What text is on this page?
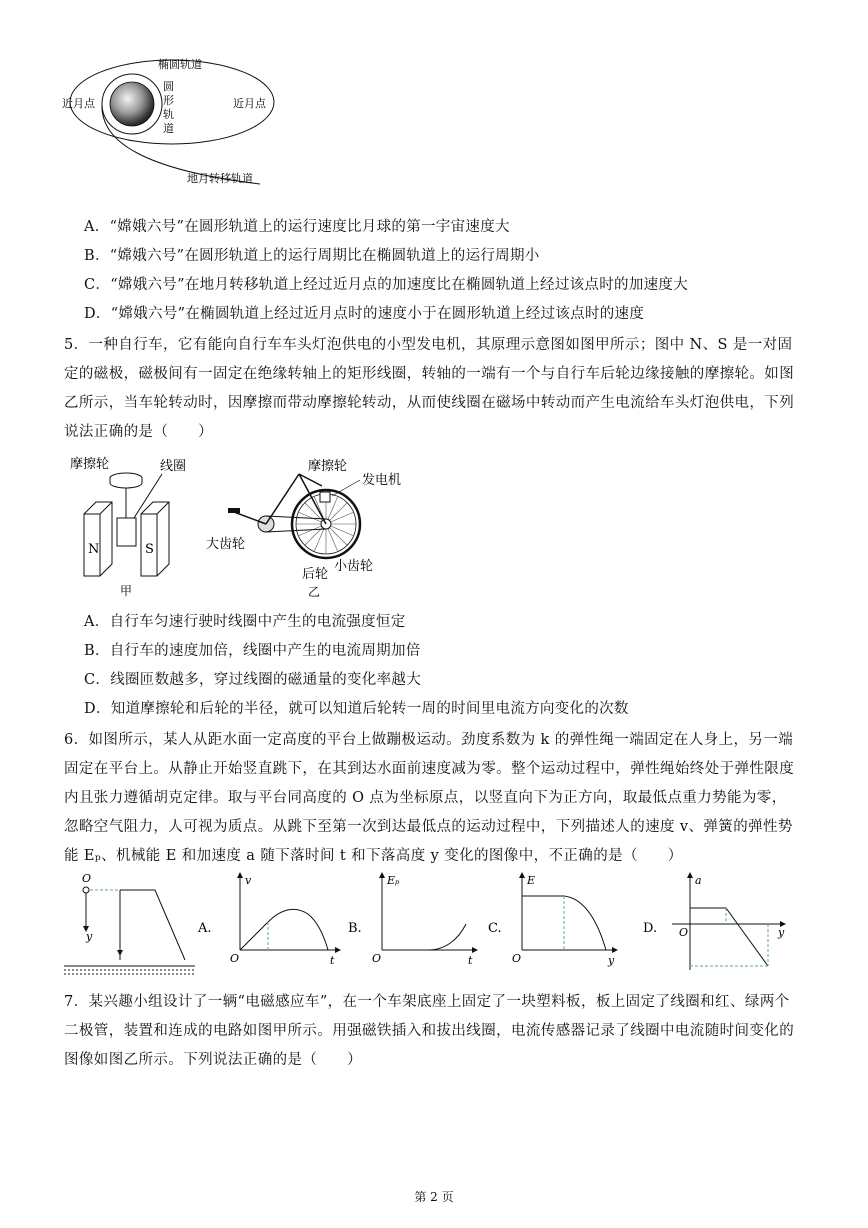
椭圆轨道
圆
形
轨
道
近月点	近月点
地月转移轨道
A．“嫦娥六号”在圆形轨道上的运行速度比月球的第一宇宙速度大
B．“嫦娥六号”在圆形轨道上的运行周期比在椭圆轨道上的运行周期小
C．“嫦娥六号”在地月转移轨道上经过近月点的加速度比在椭圆轨道上经过该点时的加速度大
D．“嫦娥六号”在椭圆轨道上经过近月点时的速度小于在圆形轨道上经过该点时的速度
5．一种自行车，它有能向自行车车头灯泡供电的小型发电机，其原理示意图如图甲所示；图中 N、S 是一对固
定的磁极，磁极间有一固定在绝缘转轴上的矩形线圈，转轴的一端有一个与自行车后轮边缘接触的摩擦轮。如图
乙所示，当车轮转动时，因摩擦而带动摩擦轮转动，从而使线圈在磁场中转动而产生电流给车头灯泡供电，下列
说法正确的是（　　）
摩擦轮	线圈
N	S
甲
摩擦轮
发电机
大齿轮
后轮
小齿轮
乙
A．自行车匀速行驶时线圈中产生的电流强度恒定
B．自行车的速度加倍，线圈中产生的电流周期加倍
C．线圈匝数越多，穿过线圈的磁通量的变化率越大
D．知道摩擦轮和后轮的半径，就可以知道后轮转一周的时间里电流方向变化的次数
6．如图所示，某人从距水面一定高度的平台上做蹦极运动。劲度系数为 k 的弹性绳一端固定在人身上，另一端
固定在平台上。从静止开始竖直跳下，在其到达水面前速度减为零。整个运动过程中，弹性绳始终处于弹性限度
内且张力遵循胡克定律。取与平台同高度的 O 点为坐标原点，以竖直向下为正方向，取最低点重力势能为零，
忽略空气阻力，人可视为质点。从跳下至第一次到达最低点的运动过程中，下列描述人的速度 v、弹簧的弹性势
能 Eₚ、机械能 E 和加速度 a 随下落时间 t 和下落高度 y 变化的图像中，不正确的是（　　）
O
y
A.
v
t
O
B.
Eₚ
t
O
C.
E
y
O
D.
a
y
O
7．某兴趣小组设计了一辆“电磁感应车”，在一个车架底座上固定了一块塑料板，板上固定了线圈和红、绿两个
二极管，装置和连成的电路如图甲所示。用强磁铁插入和拔出线圈，电流传感器记录了线圈中电流随时间变化的
图像如图乙所示。下列说法正确的是（　　）
第 2 页
